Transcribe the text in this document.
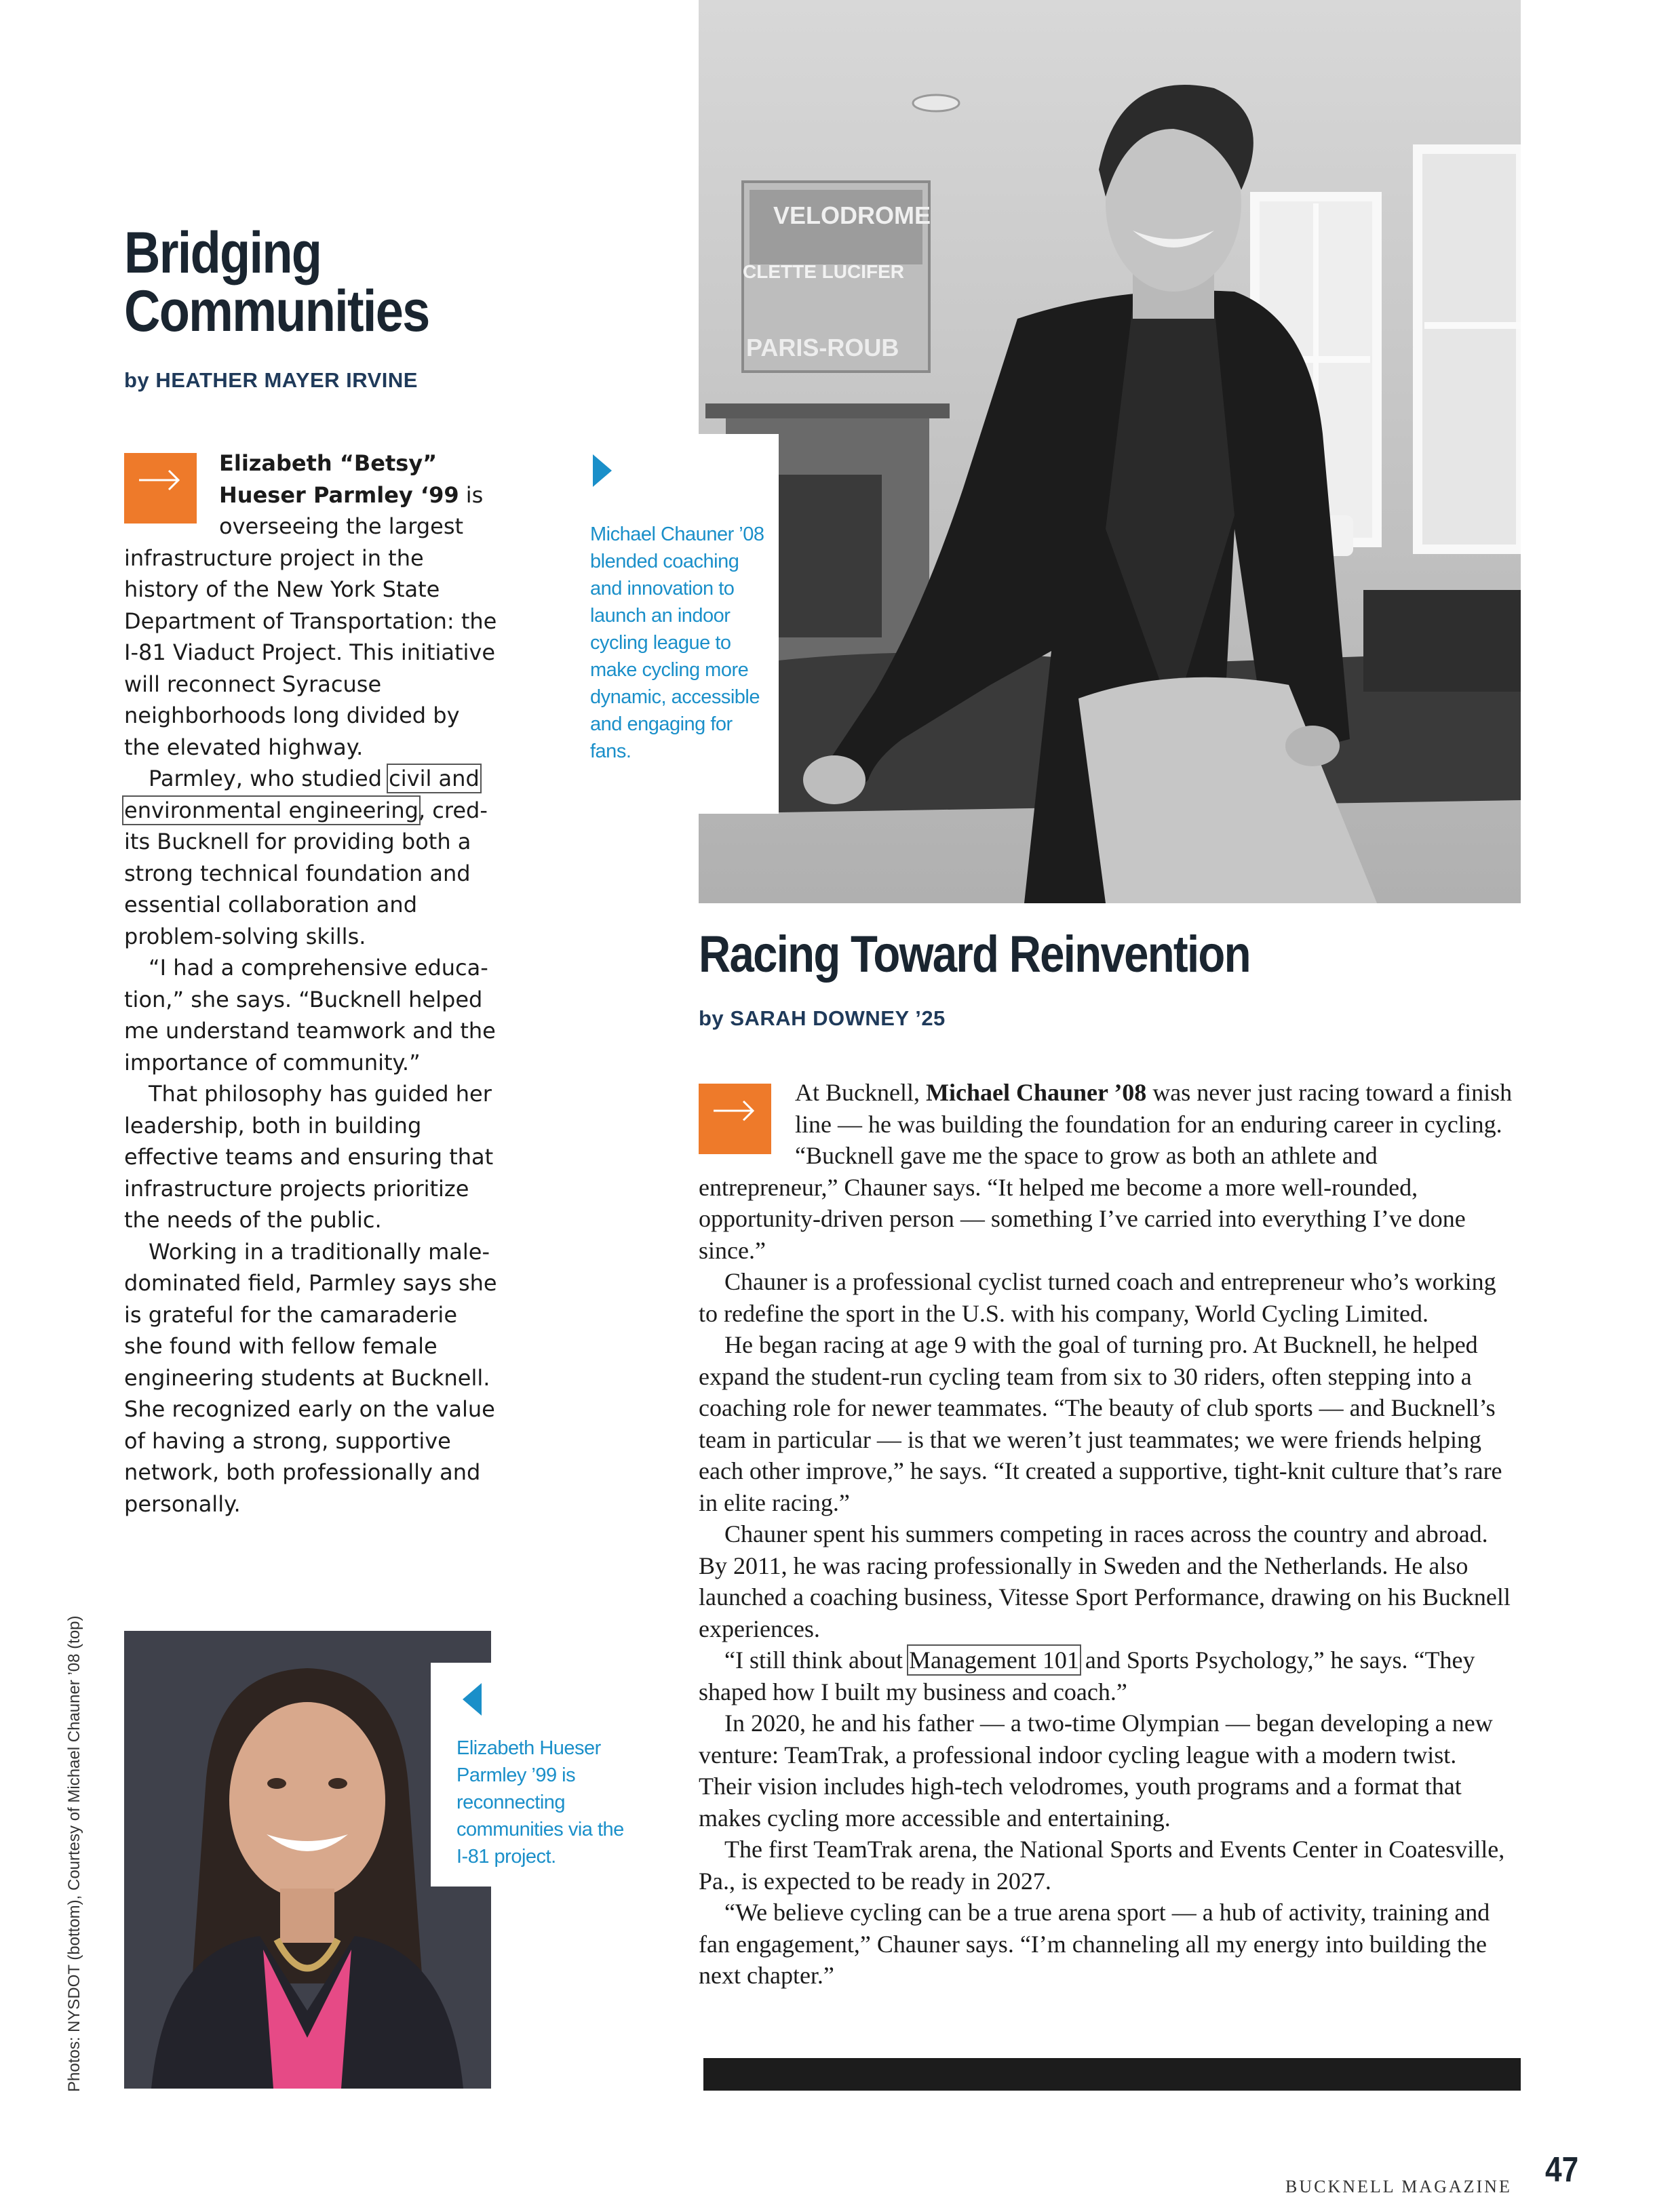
VELODROME
CLETTE LUCIFER
PARIS-ROUB
Michael Chauner ’08 blended coaching and innovation to launch an indoor cycling league to make cycling more dynamic, accessible and engaging for fans.
Bridging
Communities
by HEATHER MAYER IRVINE

Elizabeth “Betsy” Hueser Parmley ‘99 is overseeing the largest infrastructure project in the history of the New York State Department of Transportation: the I-81 Viaduct Project. This initiative will reconnect Syracuse neighborhoods long divided by the elevated highway.

Parmley, who studied civil and environmental engineering, credits Bucknell for providing both a strong technical foundation and essential collaboration and problem-solving skills.

“I had a comprehensive education,” she says. “Bucknell helped me understand teamwork and the importance of community.”

That philosophy has guided her leadership, both in building effective teams and ensuring that infrastructure projects prioritize the needs of the public.

Working in a traditionally male-dominated field, Parmley says she is grateful for the camaraderie she found with fellow female engineering students at Bucknell. She recognized early on the value of having a strong, supportive network, both professionally and personally.

Elizabeth Hueser Parmley ’99 is reconnecting communities via the I-81 project.
Photos: NYSDOT (bottom), Courtesy of Michael Chauner ’08 (top)
Racing Toward Reinvention
by SARAH DOWNEY ’25

At Bucknell, Michael Chauner ’08 was never just racing toward a finish line — he was building the foundation for an enduring career in cycling. “Bucknell gave me the space to grow as both an athlete and entrepreneur,” Chauner says. “It helped me become a more well-rounded, opportunity-driven person — something I’ve carried into everything I’ve done since.”

Chauner is a professional cyclist turned coach and entrepreneur who’s working to redefine the sport in the U.S. with his company, World Cycling Limited.

He began racing at age 9 with the goal of turning pro. At Bucknell, he helped expand the student-run cycling team from six to 30 riders, often stepping into a coaching role for newer teammates. “The beauty of club sports — and Bucknell’s team in particular — is that we weren’t just teammates; we were friends helping each other improve,” he says. “It created a supportive, tight-knit culture that’s rare in elite racing.”

Chauner spent his summers competing in races across the country and abroad. By 2011, he was racing professionally in Sweden and the Netherlands. He also launched a coaching business, Vitesse Sport Performance, drawing on his Bucknell experiences.

“I still think about Management 101 and Sports Psychology,” he says. “They shaped how I built my business and coach.”

In 2020, he and his father — a two-time Olympian — began developing a new venture: TeamTrak, a professional indoor cycling league with a modern twist. Their vision includes high-tech velodromes, youth programs and a format that makes cycling more accessible and entertaining.

The first TeamTrak arena, the National Sports and Events Center in Coatesville, Pa., is expected to be ready in 2027.

“We believe cycling can be a true arena sport — a hub of activity, training and fan engagement,” Chauner says. “I’m channeling all my energy into building the next chapter.”

BUCKNELL MAGAZINE 47
